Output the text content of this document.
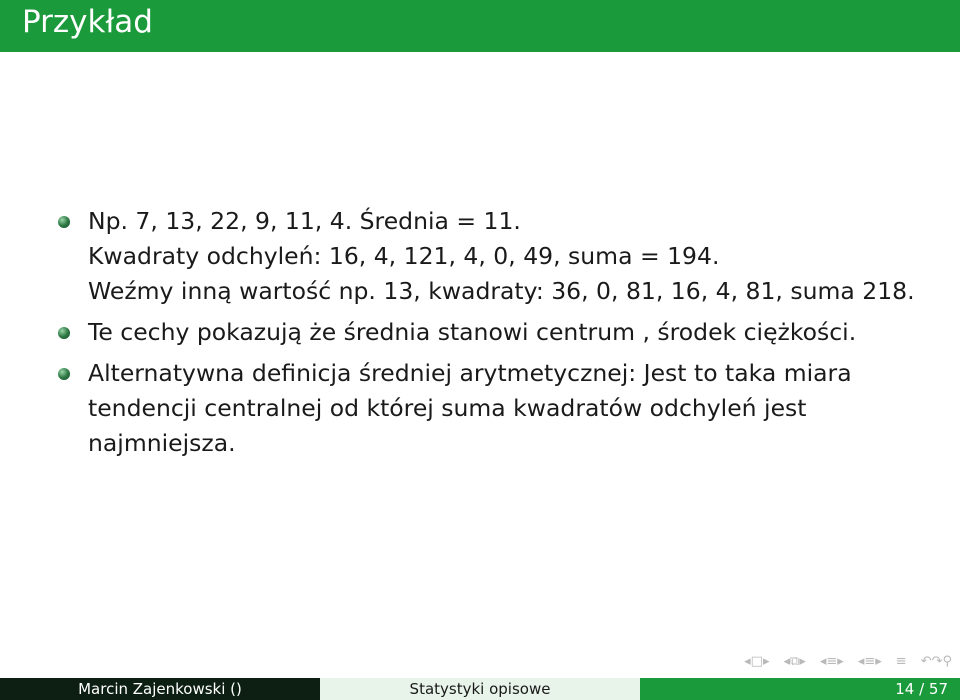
Przykład
Np. 7, 13, 22, 9, 11, 4. Średnia = 11.
Kwadraty odchyleń: 16, 4, 121, 4, 0, 49, suma = 194.
Weźmy inną wartość np. 13, kwadraty: 36, 0, 81, 16, 4, 81, suma 218.
Te cechy pokazują że średnia stanowi centrum , środek ciężkości.
Alternatywna definicja średniej arytmetycznej: Jest to taka miara
tendencji centralnej od której suma kwadratów odchyleń jest
najmniejsza.
◂□▸ ◂⧉▸ ◂≡▸ ◂≡▸ ≡ ↶↷⚲
Marcin Zajenkowski ()	Statystyki opisowe	14 / 57
